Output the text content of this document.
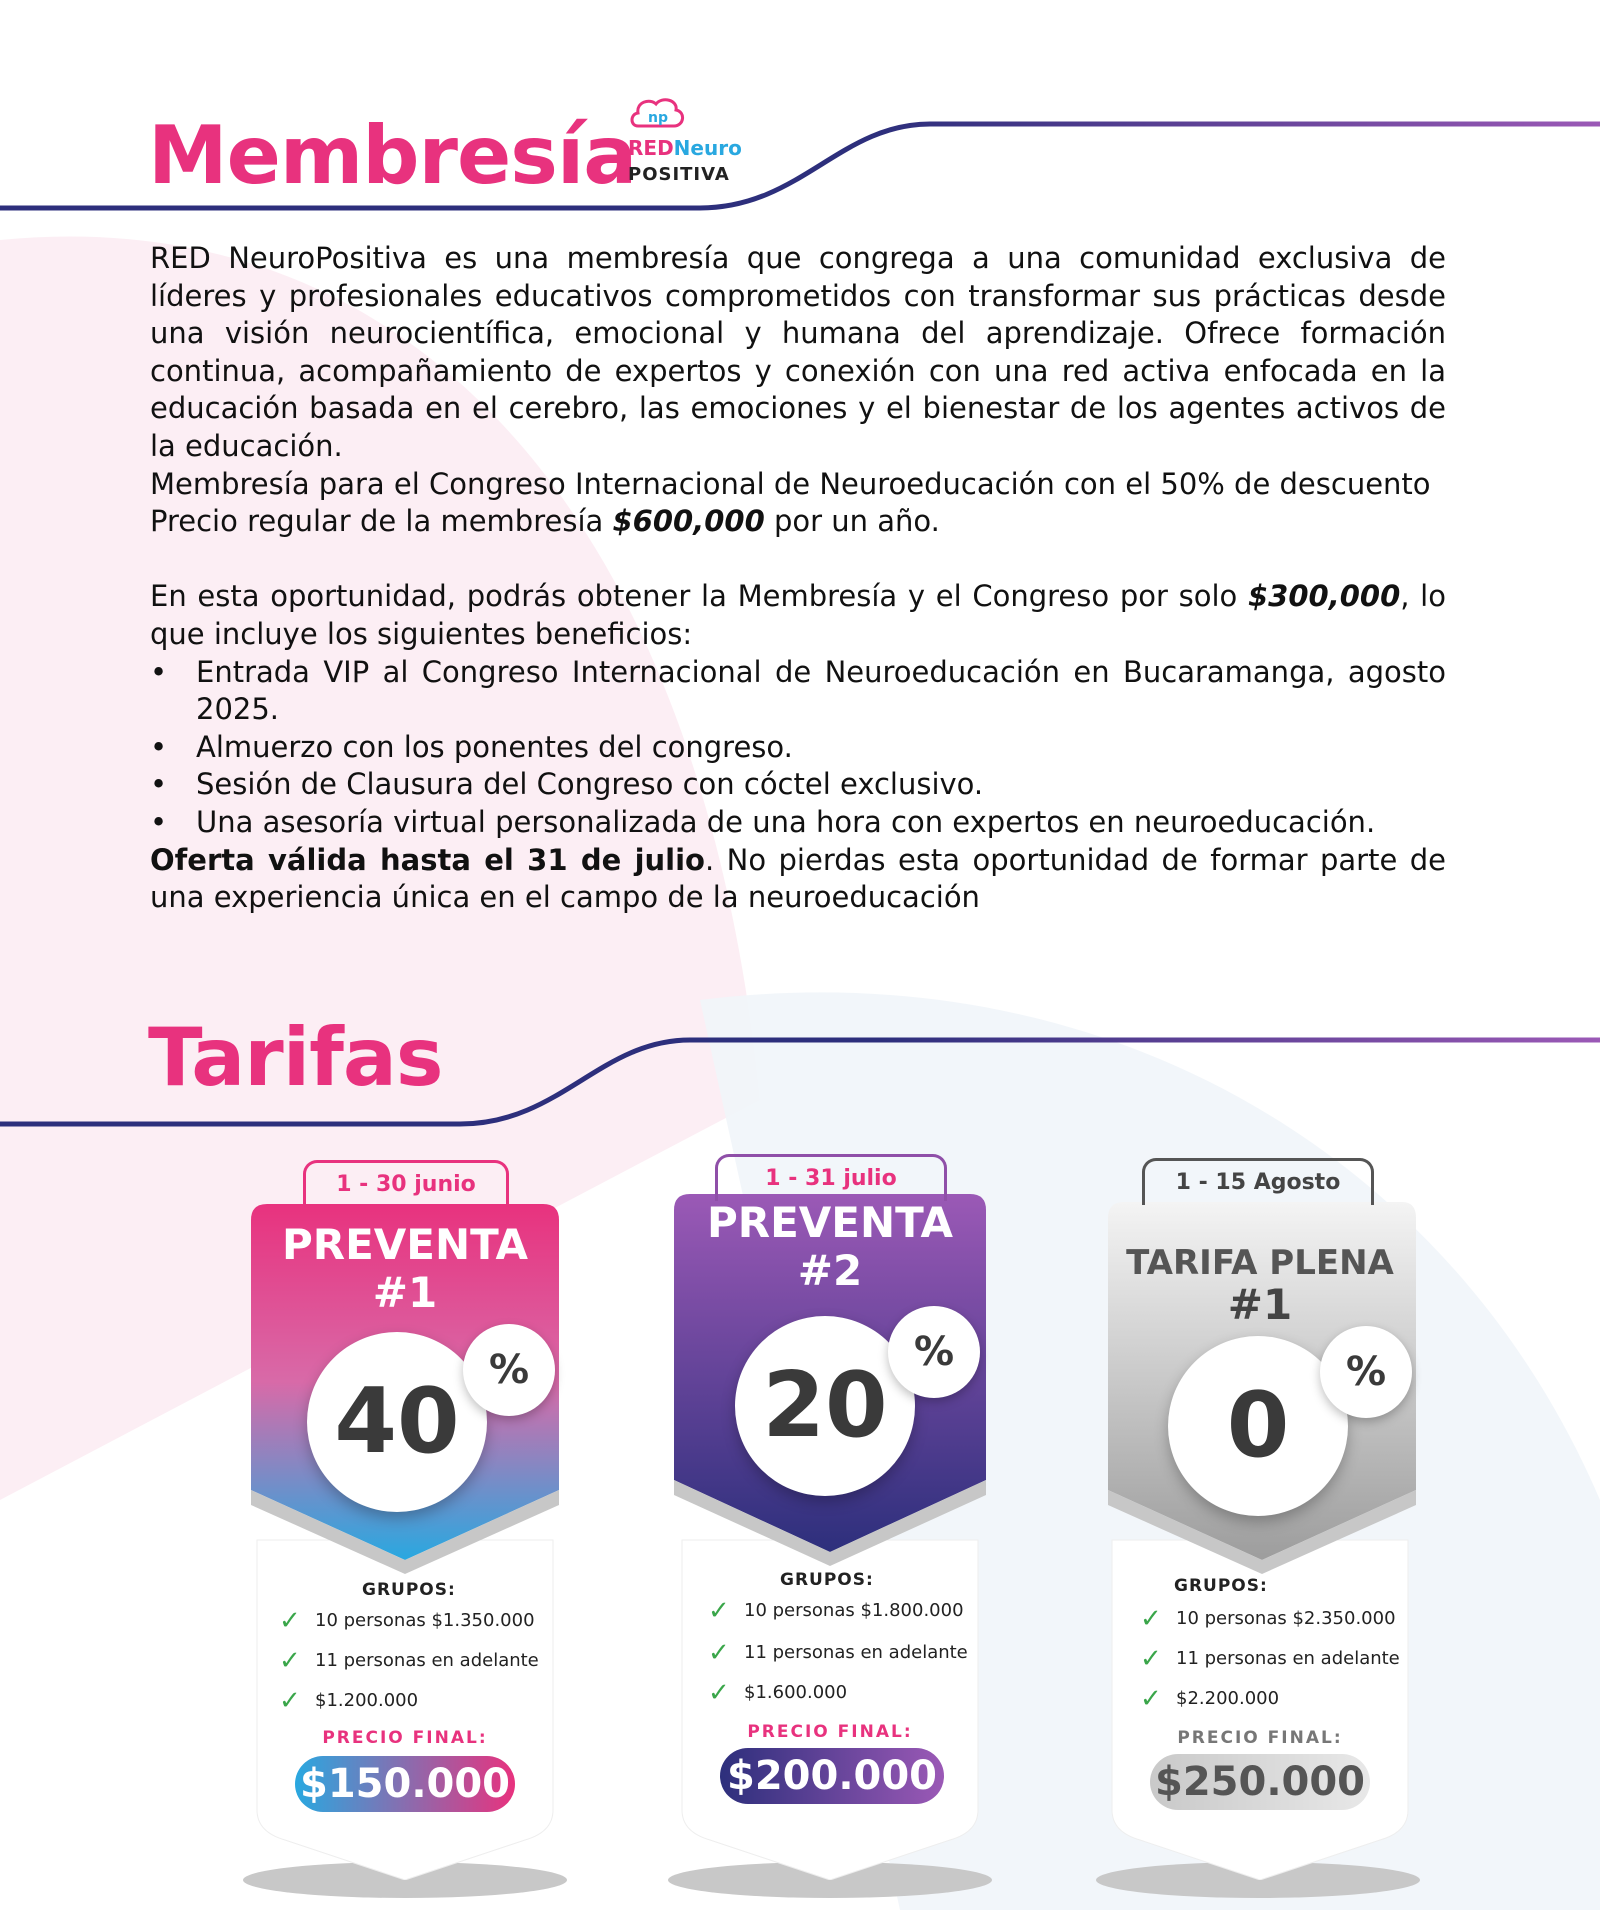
Membresía np
REDNeuro
POSITIVA

RED NeuroPositiva es una membresía que congrega a una comunidad exclusiva de líderes y profesionales educativos comprometidos con transformar sus prácticas desde una visión neurocientífica, emocional y humana del aprendizaje. Ofrece formación continua, acompañamiento de expertos y conexión con una red activa enfocada en la educación basada en el cerebro, las emociones y el bienestar de los agentes activos de la educación.

Membresía para el Congreso Internacional de Neuroeducación con el 50% de descuento

Precio regular de la membresía $600,000 por un año.

En esta oportunidad, podrás obtener la Membresía y el Congreso por solo $300,000, lo que incluye los siguientes beneficios:

• Entrada VIP al Congreso Internacional de Neuroeducación en Bucaramanga, agosto 2025.
• Almuerzo con los ponentes del congreso.
• Sesión de Clausura del Congreso con cóctel exclusivo.
• Una asesoría virtual personalizada de una hora con expertos en neuroeducación.

Oferta válida hasta el 31 de julio. No pierdas esta oportunidad de formar parte de una experiencia única en el campo de la neuroeducación

Tarifas
1 - 30 junio
PREVENTA
#1
40 %
GRUPOS:
✓ 10 personas $1.350.000
✓ 11 personas en adelante
✓ $1.200.000
PRECIO FINAL:
$150.000
1 - 31 julio
PREVENTA
#2
20
%
GRUPOS:
✓ 10 personas $1.800.000
✓ 11 personas en adelante
✓ $1.600.000
PRECIO FINAL:
$200.000
1 - 15 Agosto
TARIFA PLENA
#1
0
%
GRUPOS:
✓ 10 personas $2.350.000
✓ 11 personas en adelante
✓ $2.200.000
PRECIO FINAL:
$250.000
